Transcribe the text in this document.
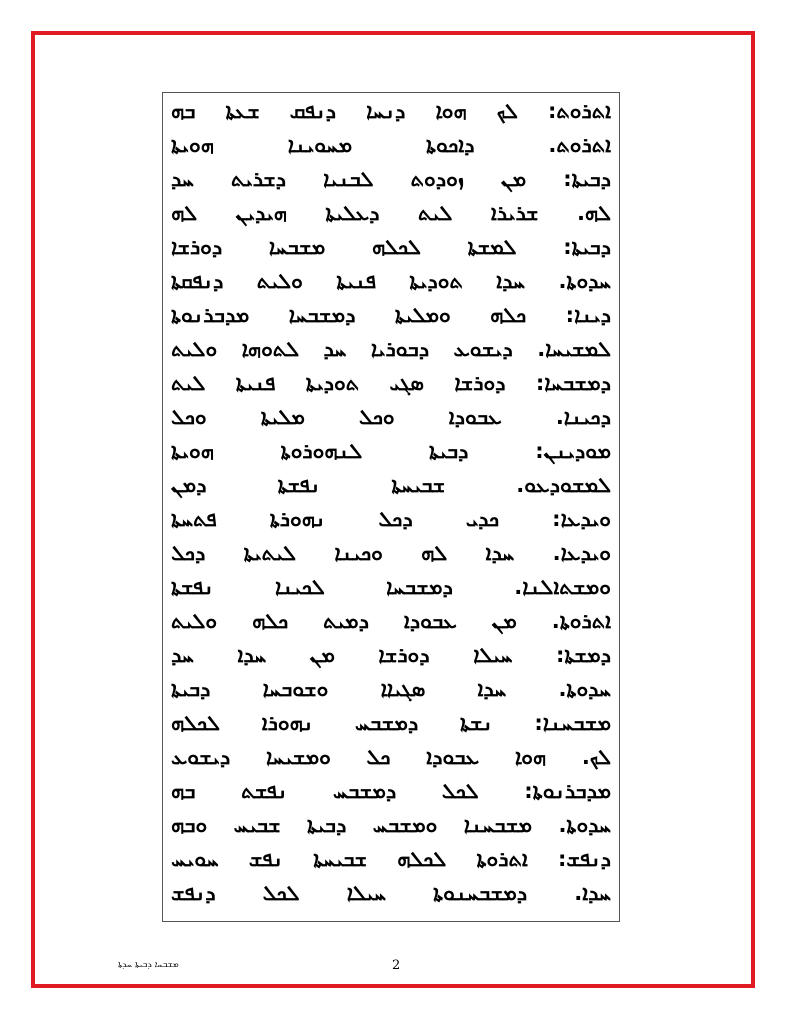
ܒܗ ܫܥܬܐ ܕܢܦܩ ܕܢܚܐ ܗܘܐ ܠܟ ܐܬܪܘܬ:
ܗܘܝܬܐ	ܡܚܘܝܢܐ	ܕܐܟܘܬܐ	ܐܬܪܘܬ.
ܚܕ ܕܫܪܝܬ ܠܒܢܝܐ ܙܘܕܘܬ ܡܢ ܕܒܝܬܐ:
ܠܗ ܗܝܕܝܢ ܕܥܠܝܬܐ ܠܝܬ ܫܪܝܪܐ ܠܗ.
ܕܘܪܫܐ ܡܫܒܚܐ ܠܟܠܗ ܠܡܫܬܐ ܕܒܝܬܐ:
ܕܢܦܩܬܐ ܘܠܝܬ ܦܢܝܬܐ ܬܘܕܝܬܐ ܚܕܐ ܚܕܘܬܐ.
ܡܕܒܪܢܘܬܐ ܕܡܫܒܚܐ ܘܡܠܝܬܐ ܟܠܗ ܕܝܢܐ:
ܘܠܝܬ ܠܬܘܗܐ ܚܕ ܕܒܘܪܝܐ ܕܝܫܘܥ ܠܡܫܝܚܐ.
ܠܝܬ ܦܢܝܬܐ ܬܘܕܝܬܐ ܣܓܝ ܕܘܪܫܐ ܕܡܫܒܚܐ:
ܘܟܠ	ܡܠܝܬܐ	ܘܟܠ	ܥܒܘܕܐ	ܕܟܝܢܐ.
ܗܘܝܬܐ	ܠܢܗܘܪܘܬܐ	ܕܒܝܬܐ	ܡܘܕܝܢܢ:
ܕܡܢ	ܢܦܫܬܐ	ܫܒܝܚܬܐ	ܠܡܫܘܕܥܘ.
ܦܬܚܬܐ	ܢܗܘܪܬܐ	ܕܟܠ	ܟܕܝ	ܘܝܕܥܐ:
ܕܟܠ ܠܝܬܝܬܐ ܘܟܝܢܐ ܠܗ ܚܕܐ ܘܝܕܥܐ.
ܢܦܫܬܐ	ܠܟܝܢܐ	ܕܡܫܒܚܐ	ܘܡܫܬܐܠܢܐ.
ܘܠܝܬ ܟܠܗ ܕܡܝܬ ܥܒܘܕܐ ܡܢ ܐܬܪܘܬܐ.
ܚܕ ܚܕܐ ܡܢ ܕܘܪܫܐ ܚܝܠܐ ܕܡܫܬܐ:
ܕܒܝܬܐ ܘܫܘܒܚܐ ܣܓܝܐܐ ܚܕܐ ܚܕܘܬܐ.
ܠܟܠܗ ܢܗܘܪܐ ܕܡܫܒܚ ܢܫܬܐ ܡܫܒܚܢܐ:
ܕܝܫܘܥ ܘܡܫܝܚܐ ܟܠ ܥܒܘܕܐ ܗܘܐ ܠܟ.
ܒܗ ܢܦܫܬ ܕܡܫܒܚ ܠܟܠ ܡܕܒܪܢܘܬܐ:
ܘܒܗ ܫܒܝܚ ܕܒܝܬܐ ܘܡܫܒܚ ܡܫܒܚܢܐ ܚܕܘܬܐ.
ܚܘܝܚ ܢܦܫ ܫܒܝܚܬܐ ܠܟܠܗ ܐܬܪܘܬܐ ܕܢܦܫ:
ܕܢܦܫ ܠܟܠ ܚܝܠܐ ܕܡܫܒܚܢܘܬܐ ܚܕܐ.
ܡܫܒܚܐ ܕܒܝܬܐ ܚܕܬܐ	2
